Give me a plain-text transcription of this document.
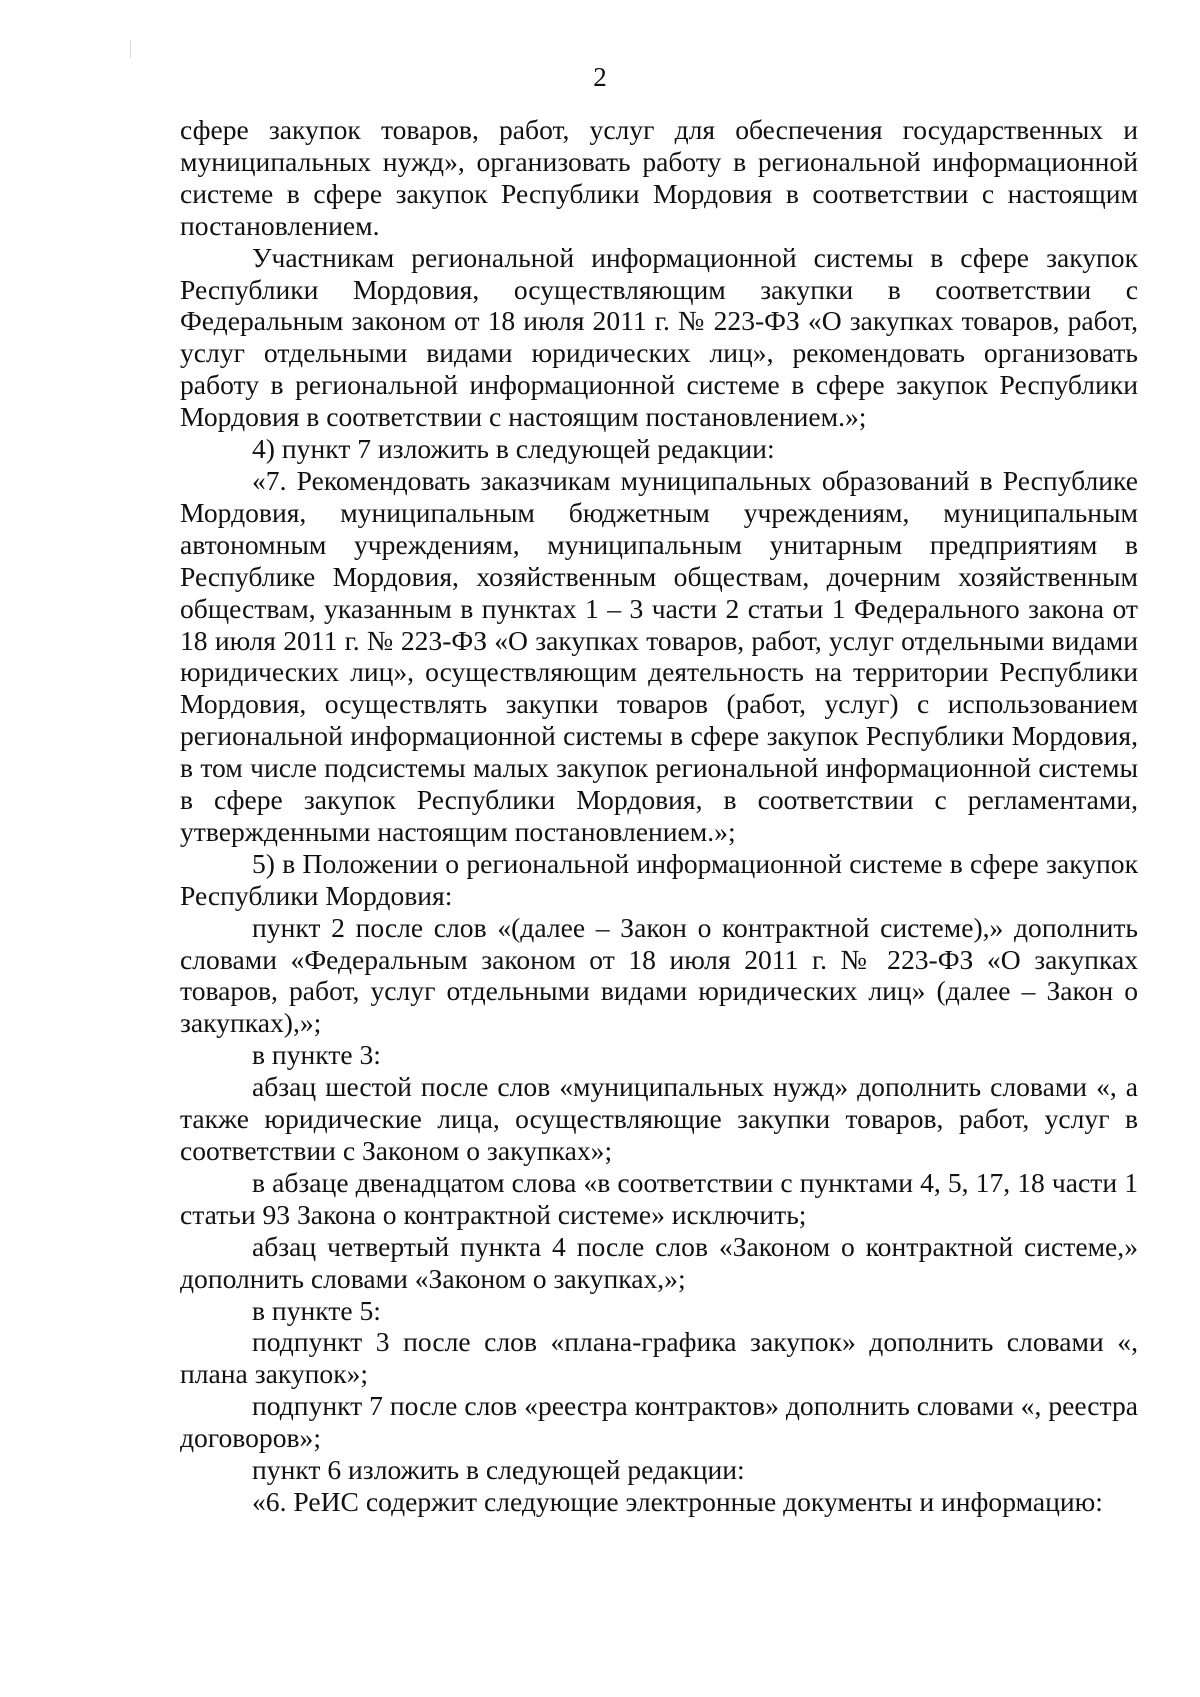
2

сфере закупок товаров, работ, услуг для обеспечения государственных и муниципальных нужд», организовать работу в региональной информационной системе в сфере закупок Республики Мордовия в соответствии с настоящим постановлением.

Участникам региональной информационной системы в сфере закупок Республики Мордовия, осуществляющим закупки в соответствии с Федеральным законом от 18 июля 2011 г. № 223-ФЗ «О закупках товаров, работ, услуг отдельными видами юридических лиц», рекомендовать организовать работу в региональной информационной системе в сфере закупок Республики Мордовия в соответствии с настоящим постановлением.»;

4) пункт 7 изложить в следующей редакции:

«7. Рекомендовать заказчикам муниципальных образований в Республике Мордовия, муниципальным бюджетным учреждениям, муниципальным автономным учреждениям, муниципальным унитарным предприятиям в Республике Мордовия, хозяйственным обществам, дочерним хозяйственным обществам, указанным в пунктах 1 – 3 части 2 статьи 1 Федерального закона от 18 июля 2011 г. № 223-ФЗ «О закупках товаров, работ, услуг отдельными видами юридических лиц», осуществляющим деятельность на территории Республики Мордовия, осуществлять закупки товаров (работ, услуг) с использованием региональной информационной системы в сфере закупок Республики Мордовия, в том числе подсистемы малых закупок региональной информационной системы в сфере закупок Республики Мордовия, в соответствии с регламентами, утвержденными настоящим постановлением.»;

5) в Положении о региональной информационной системе в сфере закупок Республики Мордовия:

пункт 2 после слов «(далее – Закон о контрактной системе),» дополнить словами «Федеральным законом от 18 июля 2011 г. № 223-ФЗ «О закупках товаров, работ, услуг отдельными видами юридических лиц» (далее – Закон о закупках),»;

в пункте 3:

абзац шестой после слов «муниципальных нужд» дополнить словами «, а также юридические лица, осуществляющие закупки товаров, работ, услуг в соответствии с Законом о закупках»;

в абзаце двенадцатом слова «в соответствии с пунктами 4, 5, 17, 18 части 1 статьи 93 Закона о контрактной системе» исключить;

абзац четвертый пункта 4 после слов «Законом о контрактной системе,» дополнить словами «Законом о закупках,»;

в пункте 5:

подпункт 3 после слов «плана-графика закупок» дополнить словами «, плана закупок»;

подпункт 7 после слов «реестра контрактов» дополнить словами «, реестра договоров»;

пункт 6 изложить в следующей редакции:

«6. РеИС содержит следующие электронные документы и информацию:
